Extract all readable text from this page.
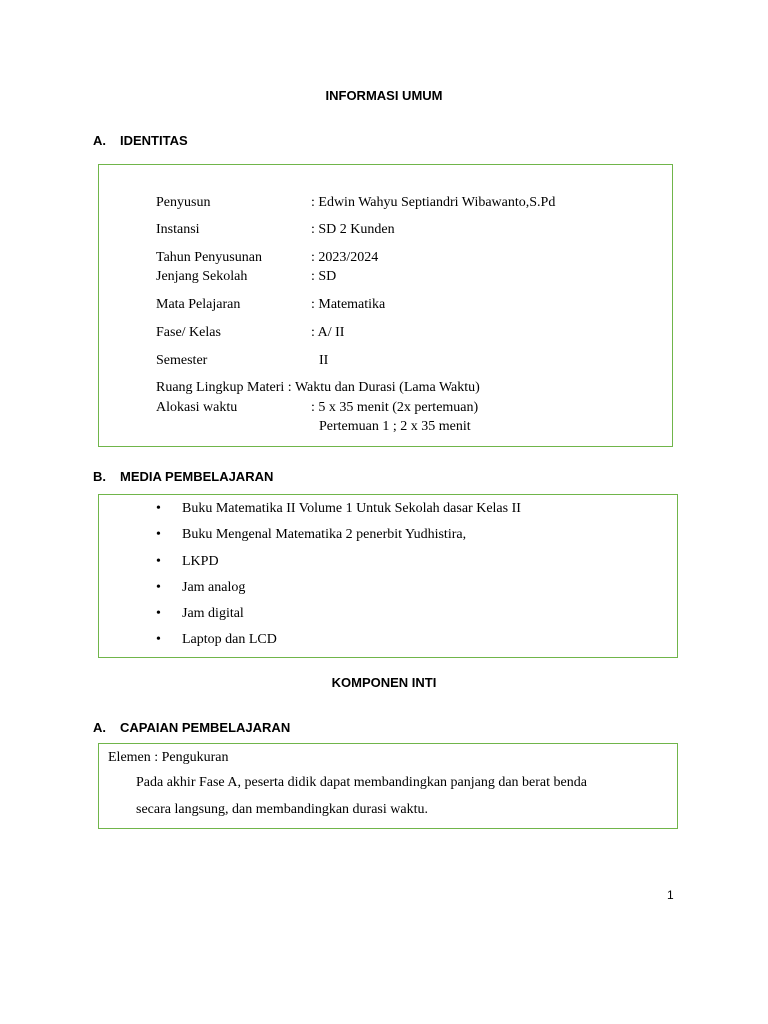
INFORMASI UMUM
A. IDENTITAS
Penyusun	: Edwin Wahyu Septiandri Wibawanto,S.Pd
Instansi	: SD 2 Kunden
Tahun Penyusunan	: 2023/2024
Jenjang Sekolah	: SD
Mata Pelajaran	: Matematika
Fase/ Kelas	: A/ II
Semester	II
Ruang Lingkup Materi : Waktu dan Durasi (Lama Waktu)
Alokasi waktu	: 5 x 35 menit (2x pertemuan)
Pertemuan 1 ; 2 x 35 menit
B. MEDIA PEMBELAJARAN
• Buku Matematika II Volume 1 Untuk Sekolah dasar Kelas II
• Buku Mengenal Matematika 2 penerbit Yudhistira,
• LKPD
• Jam analog
• Jam digital
• Laptop dan LCD
KOMPONEN INTI
A. CAPAIAN PEMBELAJARAN
Elemen : Pengukuran
Pada akhir Fase A, peserta didik dapat membandingkan panjang dan berat benda
secara langsung, dan membandingkan durasi waktu.
1
